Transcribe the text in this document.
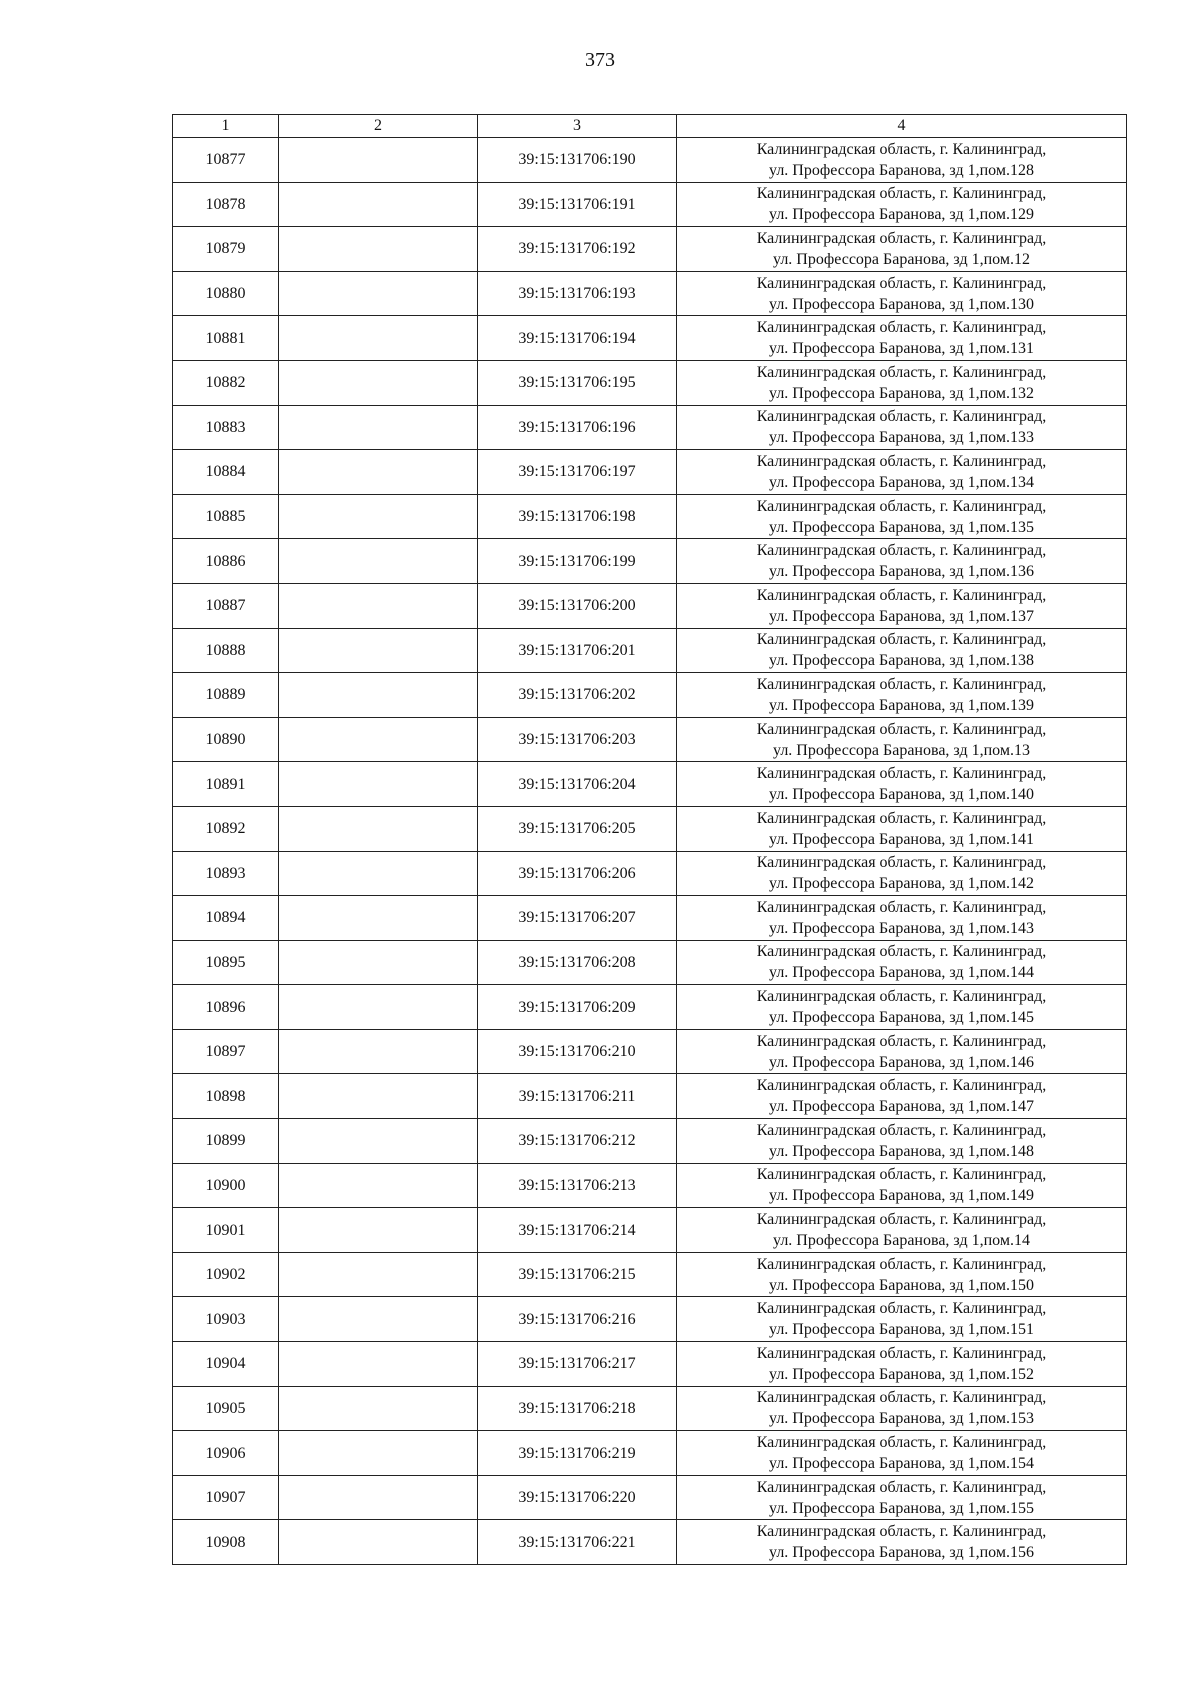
373
1	2	3	4
10877		39:15:131706:190	Калининградская область, г. Калининград,
ул. Профессора Баранова, зд 1,пом.128

10878		39:15:131706:191	Калининградская область, г. Калининград,
ул. Профессора Баранова, зд 1,пом.129

10879		39:15:131706:192	Калининградская область, г. Калининград,
ул. Профессора Баранова, зд 1,пом.12

10880		39:15:131706:193	Калининградская область, г. Калининград,
ул. Профессора Баранова, зд 1,пом.130

10881		39:15:131706:194	Калининградская область, г. Калининград,
ул. Профессора Баранова, зд 1,пом.131

10882		39:15:131706:195	Калининградская область, г. Калининград,
ул. Профессора Баранова, зд 1,пом.132

10883		39:15:131706:196	Калининградская область, г. Калининград,
ул. Профессора Баранова, зд 1,пом.133

10884		39:15:131706:197	Калининградская область, г. Калининград,
ул. Профессора Баранова, зд 1,пом.134

10885		39:15:131706:198	Калининградская область, г. Калининград,
ул. Профессора Баранова, зд 1,пом.135

10886		39:15:131706:199	Калининградская область, г. Калининград,
ул. Профессора Баранова, зд 1,пом.136

10887		39:15:131706:200	Калининградская область, г. Калининград,
ул. Профессора Баранова, зд 1,пом.137

10888		39:15:131706:201	Калининградская область, г. Калининград,
ул. Профессора Баранова, зд 1,пом.138

10889		39:15:131706:202	Калининградская область, г. Калининград,
ул. Профессора Баранова, зд 1,пом.139

10890		39:15:131706:203	Калининградская область, г. Калининград,
ул. Профессора Баранова, зд 1,пом.13

10891		39:15:131706:204	Калининградская область, г. Калининград,
ул. Профессора Баранова, зд 1,пом.140

10892		39:15:131706:205	Калининградская область, г. Калининград,
ул. Профессора Баранова, зд 1,пом.141

10893		39:15:131706:206	Калининградская область, г. Калининград,
ул. Профессора Баранова, зд 1,пом.142

10894		39:15:131706:207	Калининградская область, г. Калининград,
ул. Профессора Баранова, зд 1,пом.143

10895		39:15:131706:208	Калининградская область, г. Калининград,
ул. Профессора Баранова, зд 1,пом.144

10896		39:15:131706:209	Калининградская область, г. Калининград,
ул. Профессора Баранова, зд 1,пом.145

10897		39:15:131706:210	Калининградская область, г. Калининград,
ул. Профессора Баранова, зд 1,пом.146

10898		39:15:131706:211	Калининградская область, г. Калининград,
ул. Профессора Баранова, зд 1,пом.147

10899		39:15:131706:212	Калининградская область, г. Калининград,
ул. Профессора Баранова, зд 1,пом.148

10900		39:15:131706:213	Калининградская область, г. Калининград,
ул. Профессора Баранова, зд 1,пом.149

10901		39:15:131706:214	Калининградская область, г. Калининград,
ул. Профессора Баранова, зд 1,пом.14

10902		39:15:131706:215	Калининградская область, г. Калининград,
ул. Профессора Баранова, зд 1,пом.150

10903		39:15:131706:216	Калининградская область, г. Калининград,
ул. Профессора Баранова, зд 1,пом.151

10904		39:15:131706:217	Калининградская область, г. Калининград,
ул. Профессора Баранова, зд 1,пом.152

10905		39:15:131706:218	Калининградская область, г. Калининград,
ул. Профессора Баранова, зд 1,пом.153

10906		39:15:131706:219	Калининградская область, г. Калининград,
ул. Профессора Баранова, зд 1,пом.154

10907		39:15:131706:220	Калининградская область, г. Калининград,
ул. Профессора Баранова, зд 1,пом.155

10908		39:15:131706:221	Калининградская область, г. Калининград,
ул. Профессора Баранова, зд 1,пом.156
